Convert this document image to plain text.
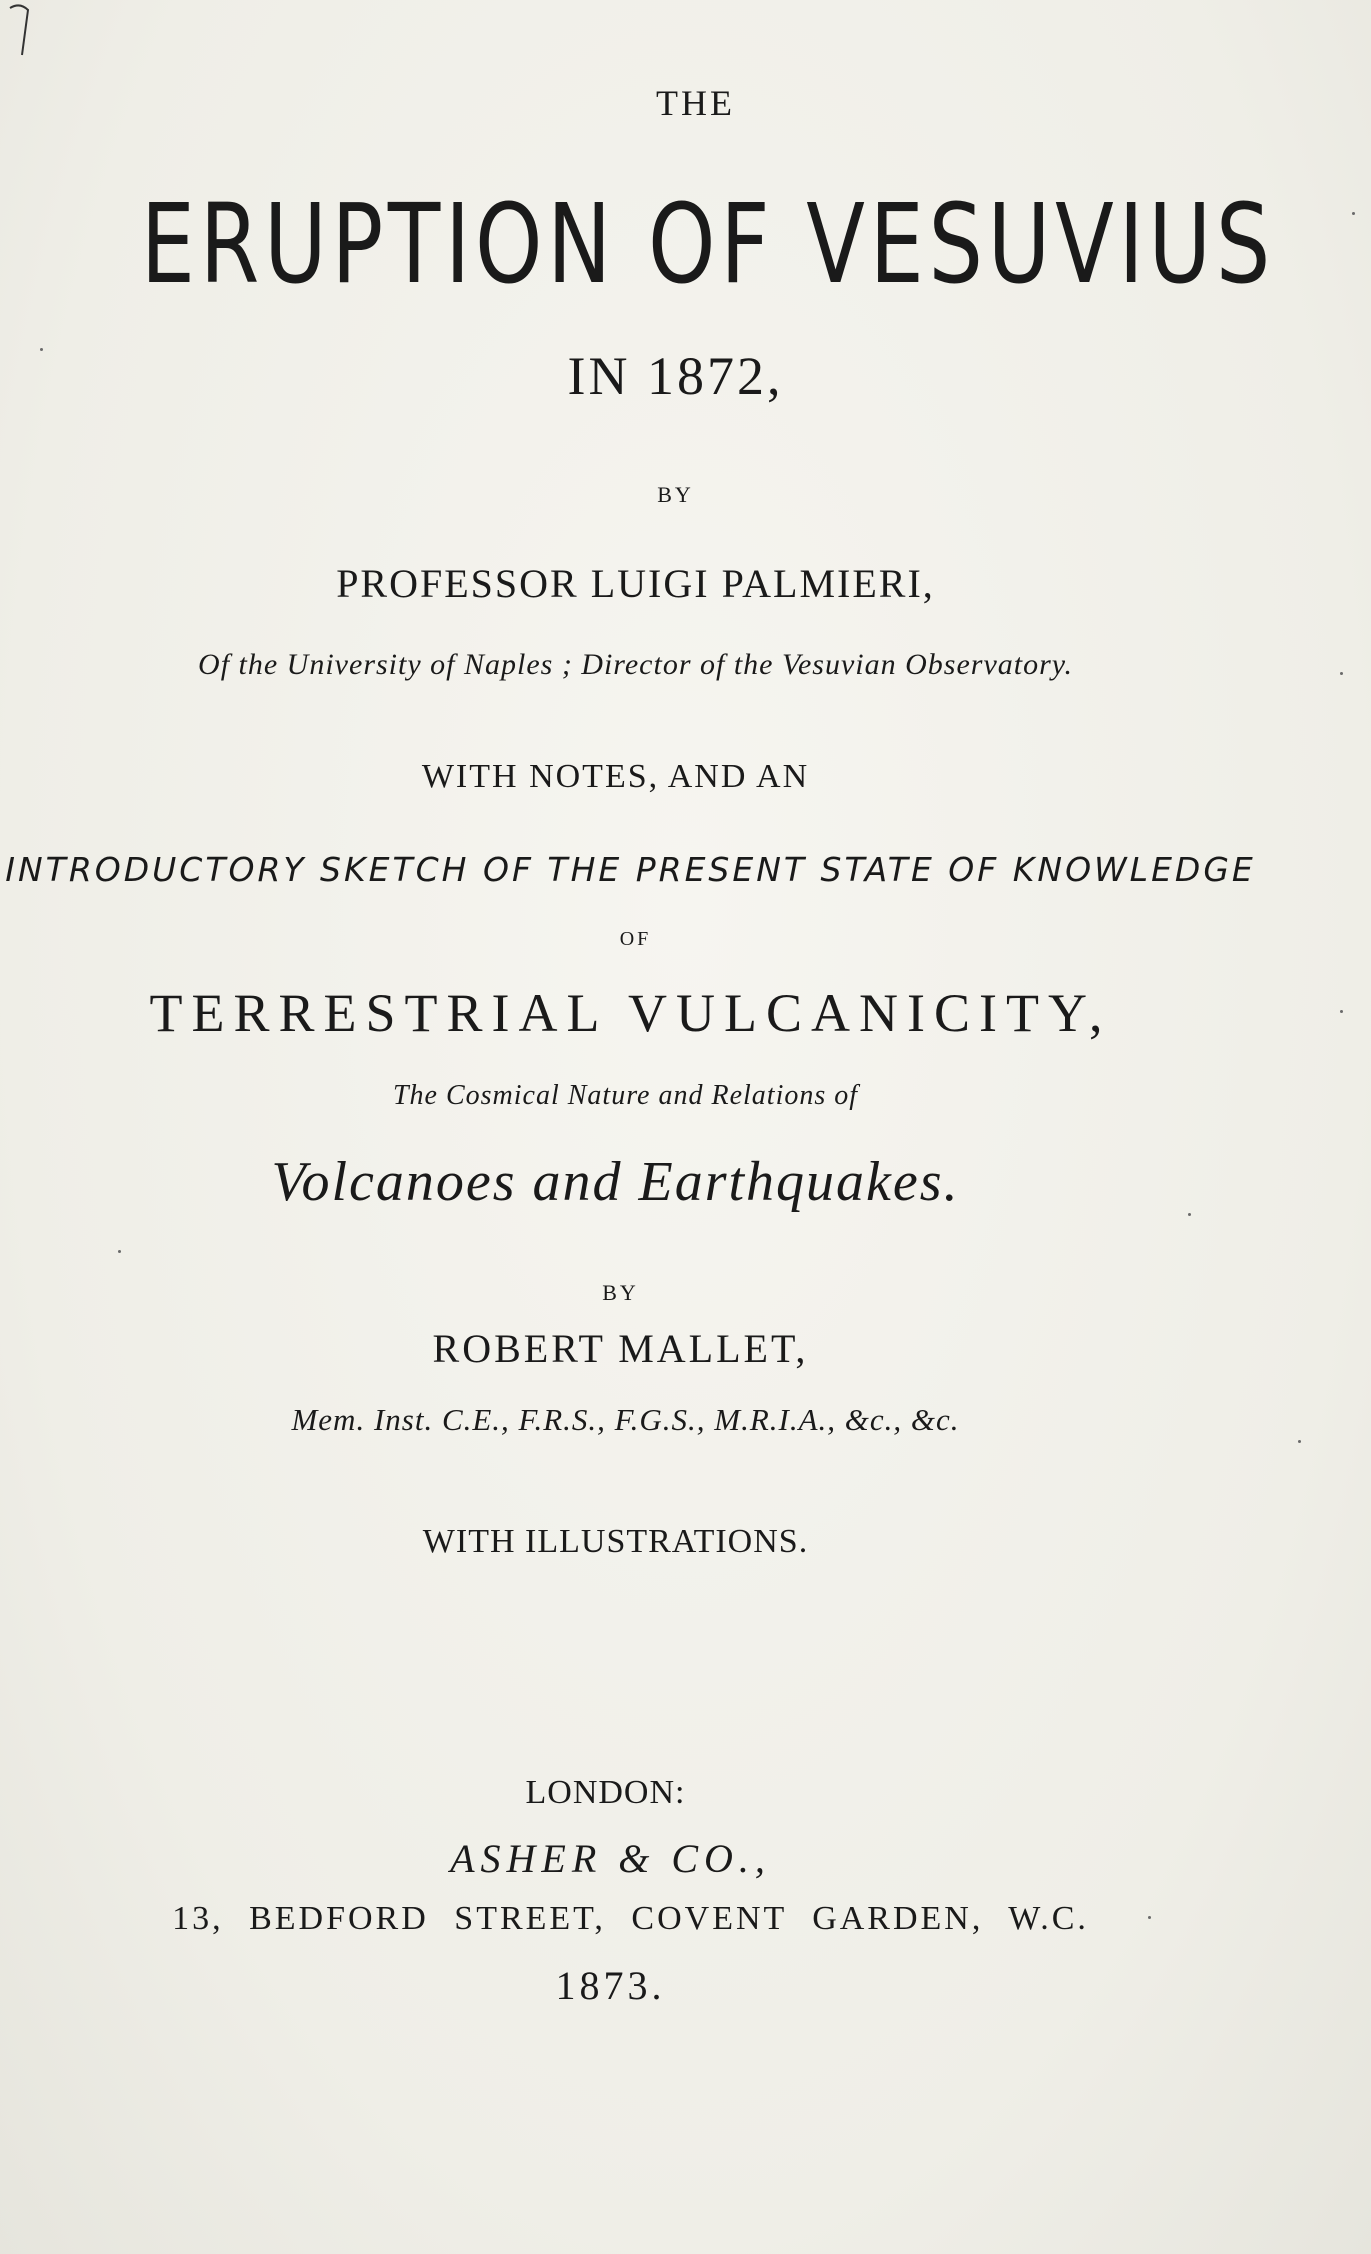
THE
ERUPTION OF VESUVIUS
IN 1872,
BY
PROFESSOR LUIGI PALMIERI,
Of the University of Naples ; Director of the Vesuvian Observatory.
WITH NOTES, AND AN
INTRODUCTORY SKETCH OF THE PRESENT STATE OF KNOWLEDGE
OF
TERRESTRIAL VULCANICITY,
The Cosmical Nature and Relations of
Volcanoes and Earthquakes.
BY
ROBERT MALLET,
Mem. Inst. C.E., F.R.S., F.G.S., M.R.I.A., &c., &c.
WITH ILLUSTRATIONS.
LONDON:
ASHER & CO.,
13, BEDFORD STREET, COVENT GARDEN, W.C.
1873.
